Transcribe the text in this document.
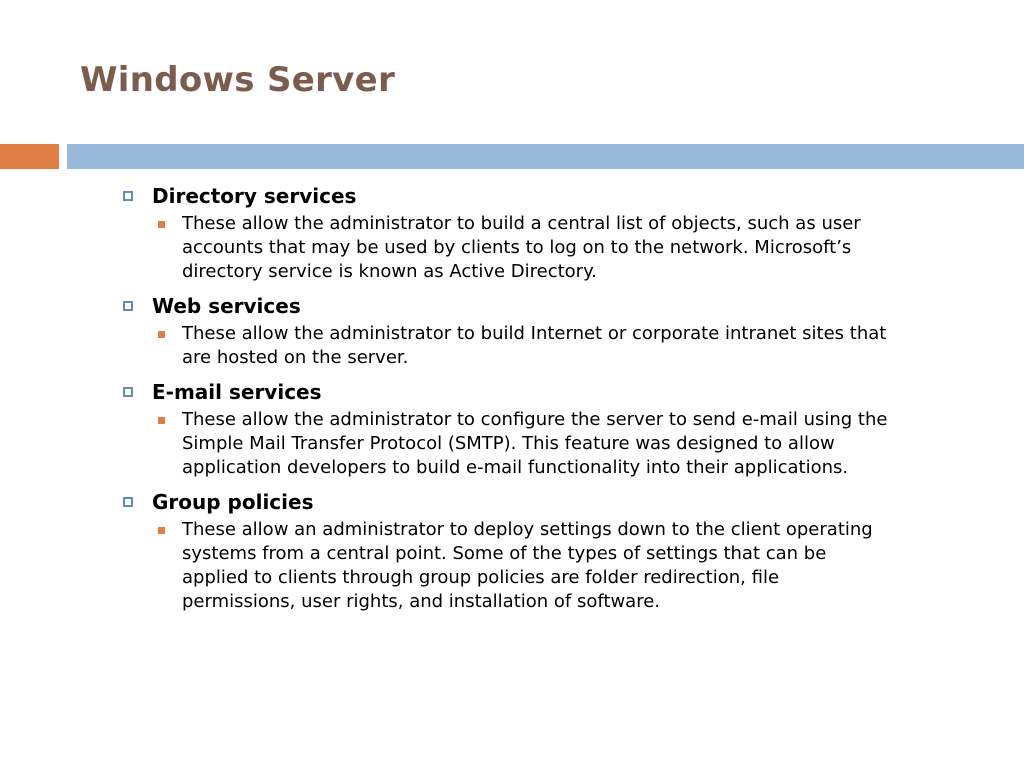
Windows Server
Directory services
These allow the administrator to build a central list of objects, such as user
accounts that may be used by clients to log on to the network. Microsoft’s
directory service is known as Active Directory.
Web services
These allow the administrator to build Internet or corporate intranet sites that
are hosted on the server.
E-mail services
These allow the administrator to configure the server to send e-mail using the
Simple Mail Transfer Protocol (SMTP). This feature was designed to allow
application developers to build e-mail functionality into their applications.
Group policies
These allow an administrator to deploy settings down to the client operating
systems from a central point. Some of the types of settings that can be
applied to clients through group policies are folder redirection, file
permissions, user rights, and installation of software.
